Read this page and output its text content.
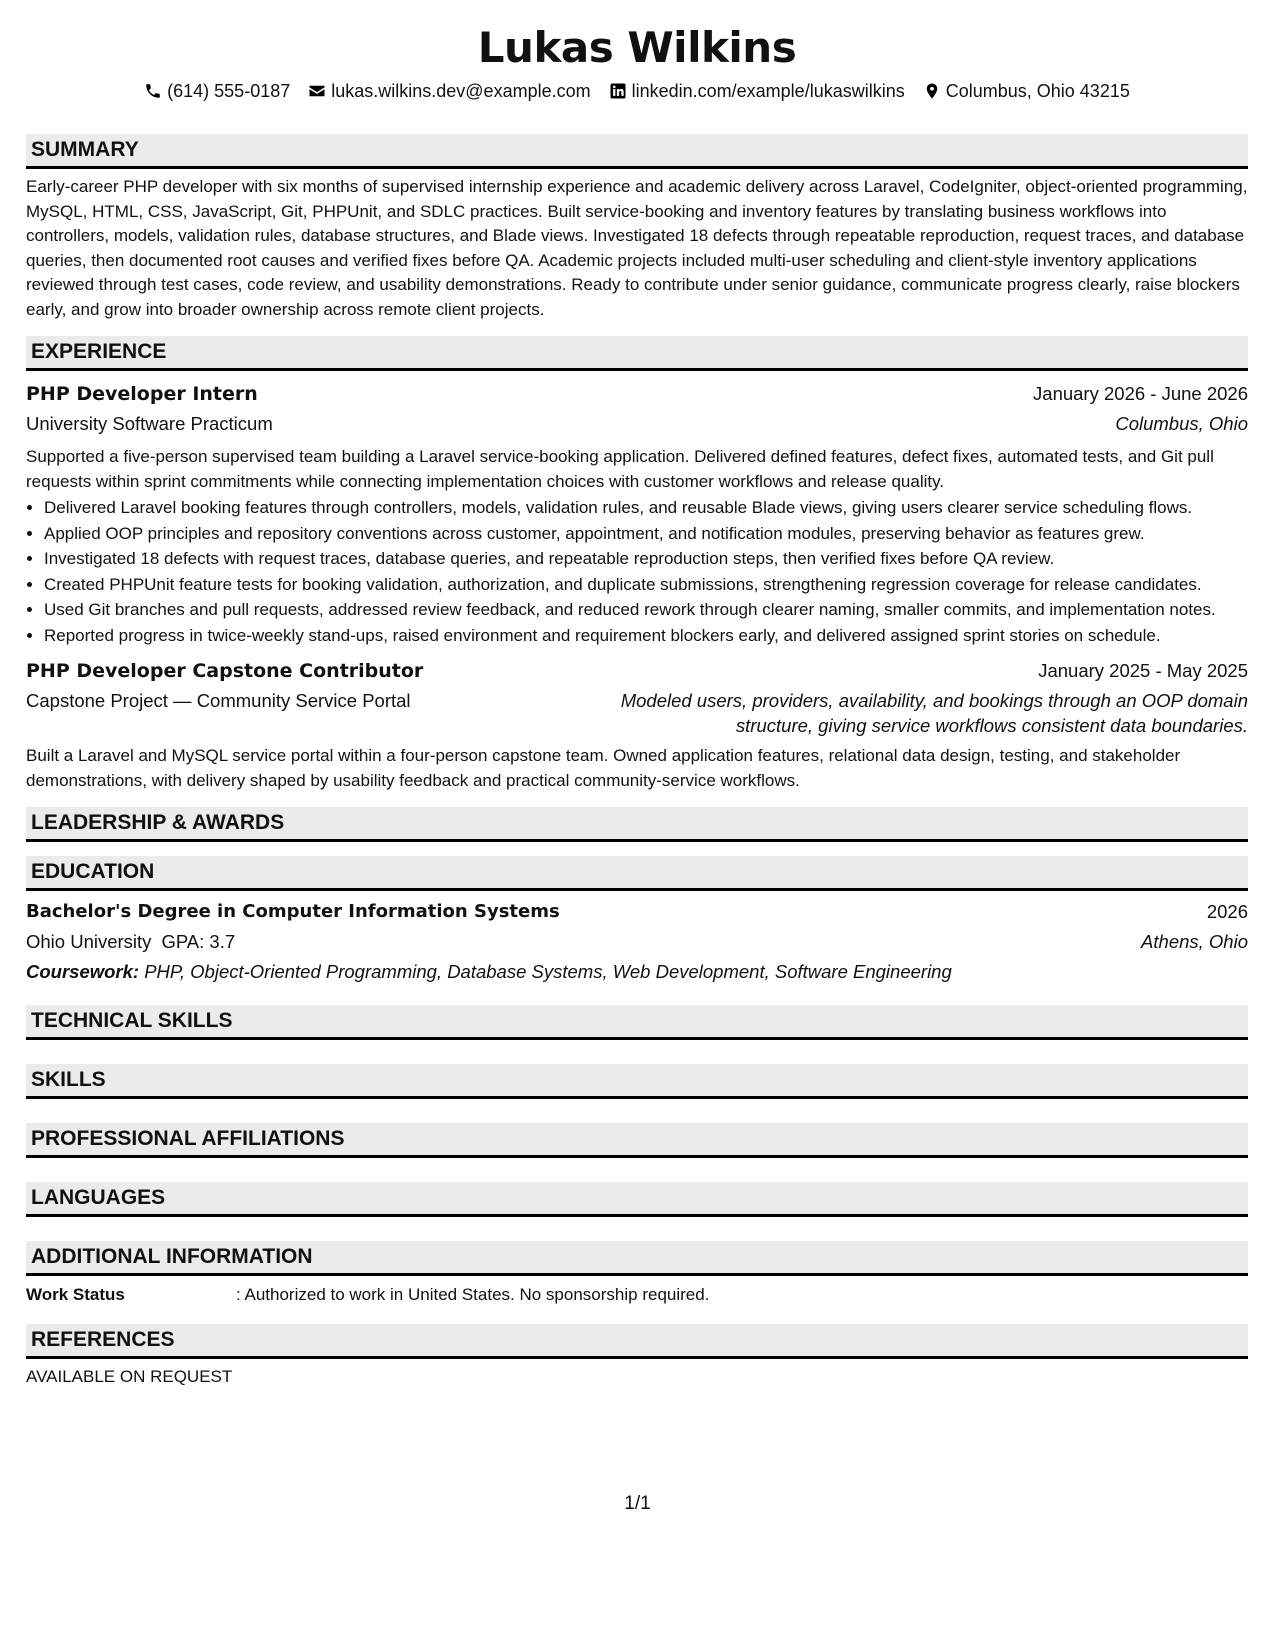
Lukas Wilkins
(614) 555-0187 lukas.wilkins.dev@example.com linkedin.com/example/lukaswilkins Columbus, Ohio 43215
SUMMARY

Early-career PHP developer with six months of supervised internship experience and academic delivery across Laravel, CodeIgniter, object-oriented programming, MySQL, HTML, CSS, JavaScript, Git, PHPUnit, and SDLC practices. Built service-booking and inventory features by translating business workflows into controllers, models, validation rules, database structures, and Blade views. Investigated 18 defects through repeatable reproduction, request traces, and database queries, then documented root causes and verified fixes before QA. Academic projects included multi-user scheduling and client-style inventory applications reviewed through test cases, code review, and usability demonstrations. Ready to contribute under senior guidance, communicate progress clearly, raise blockers early, and grow into broader ownership across remote client projects.

EXPERIENCE
PHP Developer Intern	January 2026 - June 2026
University Software Practicum	Columbus, Ohio

Supported a five-person supervised team building a Laravel service-booking application. Delivered defined features, defect fixes, automated tests, and Git pull requests within sprint commitments while connecting implementation choices with customer workflows and release quality.

• Delivered Laravel booking features through controllers, models, validation rules, and reusable Blade views, giving users clearer service scheduling flows.
• Applied OOP principles and repository conventions across customer, appointment, and notification modules, preserving behavior as features grew.
• Investigated 18 defects with request traces, database queries, and repeatable reproduction steps, then verified fixes before QA review.
• Created PHPUnit feature tests for booking validation, authorization, and duplicate submissions, strengthening regression coverage for release candidates.
• Used Git branches and pull requests, addressed review feedback, and reduced rework through clearer naming, smaller commits, and implementation notes.
• Reported progress in twice-weekly stand-ups, raised environment and requirement blockers early, and delivered assigned sprint stories on schedule.
PHP Developer Capstone Contributor	January 2025 - May 2025
Capstone Project — Community Service Portal	Modeled users, providers, availability, and bookings through an OOP domain structure, giving service workflows consistent data boundaries.

Built a Laravel and MySQL service portal within a four-person capstone team. Owned application features, relational data design, testing, and stakeholder demonstrations, with delivery shaped by usability feedback and practical community-service workflows.

LEADERSHIP & AWARDS
EDUCATION
Bachelor's Degree in Computer Information Systems	2026
Ohio University GPA: 3.7	Athens, Ohio
Coursework: PHP, Object-Oriented Programming, Database Systems, Web Development, Software Engineering
TECHNICAL SKILLS
SKILLS
PROFESSIONAL AFFILIATIONS
LANGUAGES
ADDITIONAL INFORMATION
Work Status	: Authorized to work in United States. No sponsorship required.
REFERENCES
AVAILABLE ON REQUEST
1/1
